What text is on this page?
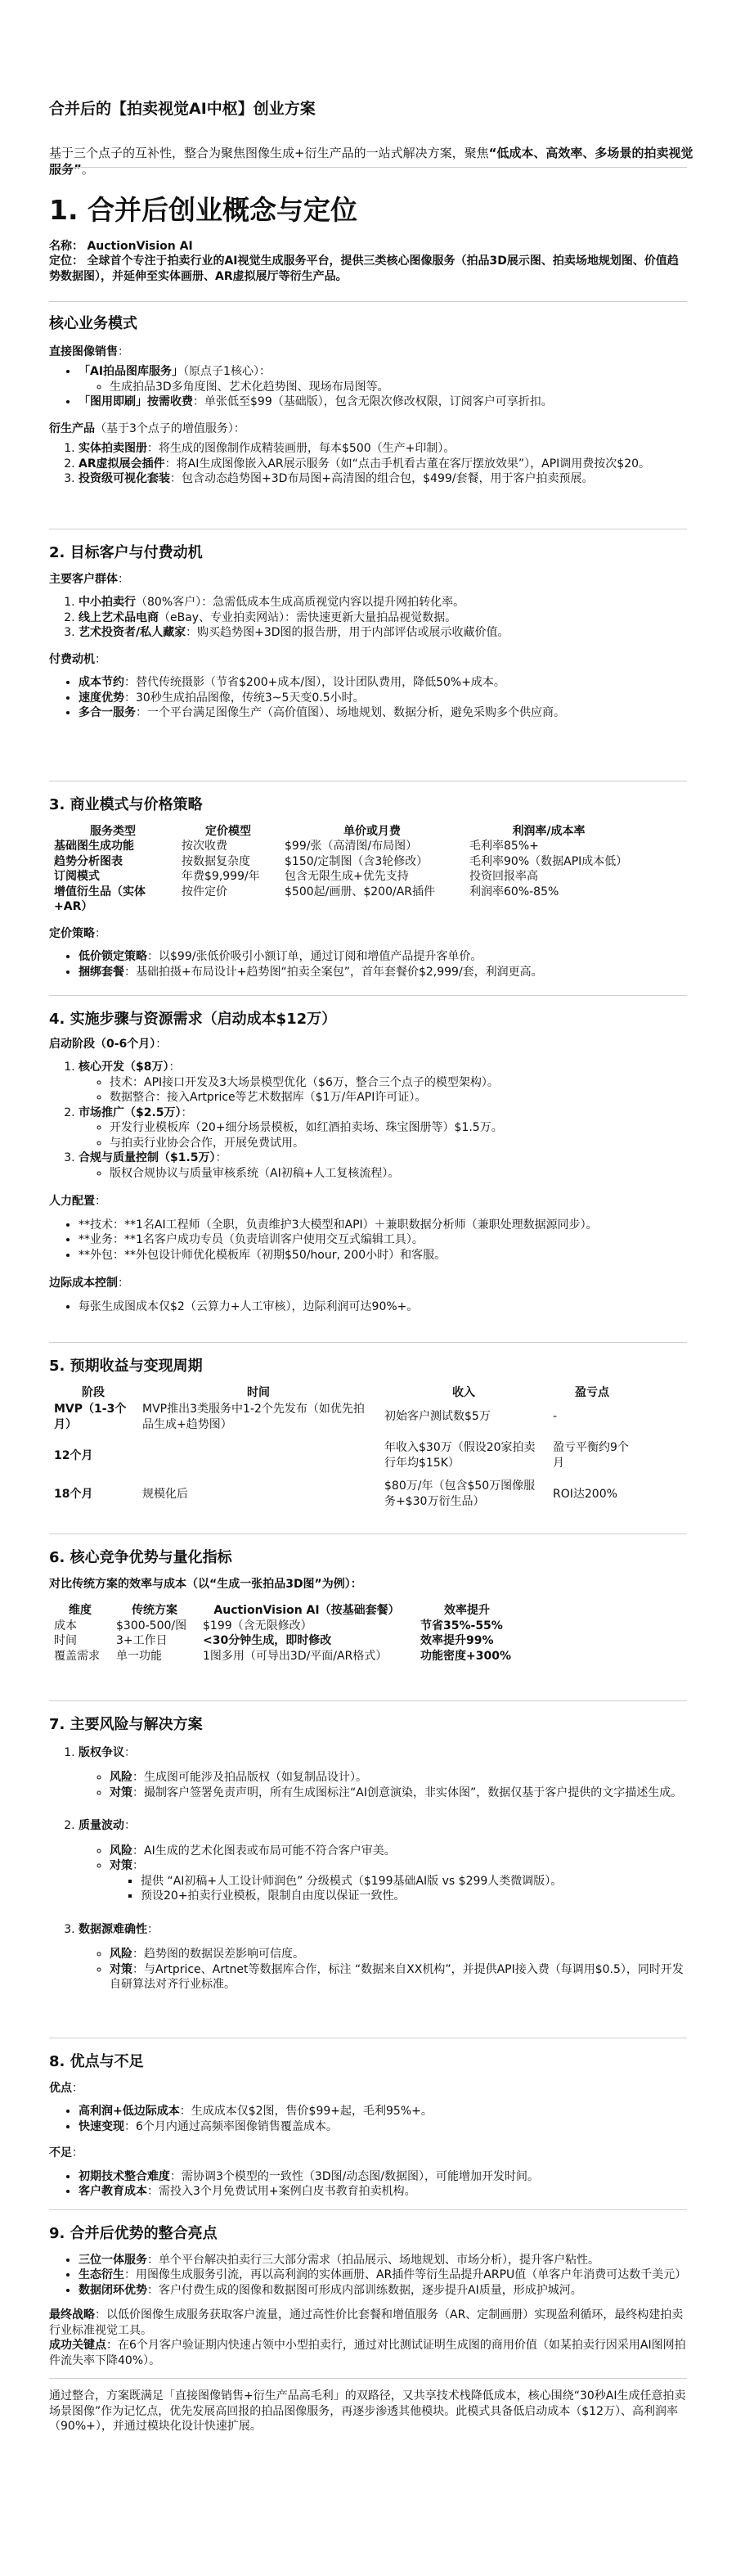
合并后的【拍卖视觉AI中枢】创业方案

基于三个点子的互补性，整合为聚焦图像生成+衍生产品的一站式解决方案，聚焦“低成本、高效率、多场景的拍卖视觉服务”。

1. 合并后创业概念与定位
名称： AuctionVision AI
定位： 全球首个专注于拍卖行业的AI视觉生成服务平台，提供三类核心图像服务（拍品3D展示图、拍卖场地规划图、价值趋势数据图），并延伸至实体画册、AR虚拟展厅等衍生产品。
核心业务模式

直接图像销售：

• 「AI拍品图库服务」（原点子1核心）：
◦ 生成拍品3D多角度图、艺术化趋势图、现场布局图等。
• 「图用即刷」按需收费：单张低至$99（基础版），包含无限次修改权限，订阅客户可享折扣。

衍生产品（基于3个点子的增值服务）：

1. 实体拍卖图册：将生成的图像制作成精装画册，每本$500（生产+印制）。
2. AR虚拟展会插件：将AI生成图像嵌入AR展示服务（如“点击手机看古董在客厅摆放效果”），API调用费按次$20。
3. 投资级可视化套装：包含动态趋势图+3D布局图+高清图的组合包，$499/套餐，用于客户拍卖预展。
2. 目标客户与付费动机

主要客户群体：

1. 中小拍卖行（80%客户）：急需低成本生成高质视觉内容以提升网拍转化率。
2. 线上艺术品电商（eBay、专业拍卖网站）：需快速更新大量拍品视觉数据。
3. 艺术投资者/私人藏家：购买趋势图+3D图的报告册，用于内部评估或展示收藏价值。

付费动机：

• 成本节约：替代传统摄影（节省$200+成本/图），设计团队费用，降低50%+成本。
• 速度优势：30秒生成拍品图像，传统3~5天变0.5小时。
• 多合一服务：一个平台满足图像生产（高价值图）、场地规划、数据分析，避免采购多个供应商。
3. 商业模式与价格策略
服务类型	定价模型	单价或月费	利润率/成本率
基础图生成功能	按次收费	$99/张（高清图/布局图）	毛利率85%+
趋势分析图表	按数据复杂度	$150/定制图（含3轮修改）	毛利率90%（数据API成本低）
订阅模式	年费$9,999/年	包含无限生成+优先支持	投资回报率高
增值衍生品（实体+AR）	按件定价	$500起/画册、$200/AR插件	利润率60%-85%

定价策略：

• 低价锁定策略：以$99/张低价吸引小额订单，通过订阅和增值产品提升客单价。
• 捆绑套餐：基础拍摄+布局设计+趋势图“拍卖全案包”，首年套餐价$2,999/套，利润更高。
4. 实施步骤与资源需求（启动成本$12万）

启动阶段（0-6个月）：

1. 核心开发（$8万）：
◦ 技术：API接口开发及3大场景模型优化（$6万，整合三个点子的模型架构）。
◦ 数据整合：接入Artprice等艺术数据库（$1万/年API许可证）。
2. 市场推广（$2.5万）：
◦ 开发行业模板库（20+细分场景模板，如红酒拍卖场、珠宝图册等）$1.5万。
◦ 与拍卖行业协会合作，开展免费试用。
3. 合规与质量控制（$1.5万）：
◦ 版权合规协议与质量审核系统（AI初稿+人工复核流程）。

人力配置：

• **技术：**1名AI工程师（全职，负责维护3大模型和API）＋兼职数据分析师（兼职处理数据源同步）。
• **业务：**1名客户成功专员（负责培训客户使用交互式编辑工具）。
• **外包：**外包设计师优化模板库（初期$50/hour, 200小时）和客服。

边际成本控制：

• 每张生成图成本仅$2（云算力+人工审核），边际利润可达90%+。
5. 预期收益与变现周期
阶段	时间	收入	盈亏点
MVP（1-3个月）	MVP推出3类服务中1-2个先发布（如优先拍品生成+趋势图）	初始客户测试数$5万	-
12个月		年收入$30万（假设20家拍卖行年均$15K）	盈亏平衡约9个月
18个月	规模化后	$80万/年（包含$50万图像服务+$30万衍生品）	ROI达200%
6. 核心竞争优势与量化指标

对比传统方案的效率与成本（以“生成一张拍品3D图”为例）：

维度	传统方案	AuctionVision AI（按基础套餐）	效率提升
成本	$300-500/图	$199（含无限修改）	节省35%-55%
时间	3+工作日	<30分钟生成，即时修改	效率提升99%
覆盖需求	单一功能	1图多用（可导出3D/平面/AR格式）	功能密度+300%
7. 主要风险与解决方案
1. 版权争议：
◦ 风险：生成图可能涉及拍品版权（如复制品设计）。
◦ 对策：撮制客户签署免责声明，所有生成图标注“AI创意演染，非实体图”，数据仅基于客户提供的文字描述生成。
2. 质量波动：
◦ 风险：AI生成的艺术化图表或布局可能不符合客户审美。
◦ 对策：
▪ 提供 “AI初稿+人工设计师润色” 分级模式（$199基础AI版 vs $299人类微调版）。
▪ 预设20+拍卖行业模板，限制自由度以保证一致性。
3. 数据源难确性：
◦ 风险：趋势图的数据误差影响可信度。
◦ 对策：与Artprice、Artnet等数据库合作，标注 “数据来自XX机构”，并提供API接入费（每调用$0.5），同时开发自研算法对齐行业标准。
8. 优点与不足

优点：

• 高利润+低边际成本：生成成本仅$2图，售价$99+起，毛利95%+。
• 快速变现：6个月内通过高频率图像销售覆盖成本。

不足：

• 初期技术整合难度：需协调3个模型的一致性（3D图/动态图/数据图），可能增加开发时间。
• 客户教育成本：需投入3个月免费试用+案例白皮书教育拍卖机构。
9. 合并后优势的整合亮点
• 三位一体服务：单个平台解决拍卖行三大部分需求（拍品展示、场地规划、市场分析），提升客户粘性。
• 生态衍生：用图像生成服务引流，再以高利润的实体画册、AR插件等衍生品提升ARPU值（单客户年消费可达数千美元）
• 数据闭环优势：客户付费生成的图像和数据图可形成内部训练数据，逐步提升AI质量，形成护城河。

最终战略：以低价图像生成服务获取客户流量，通过高性价比套餐和增值服务（AR、定制画册）实现盈利循环，最终构建拍卖行业标准视觉工具。

成功关键点：在6个月客户验证期内快速占领中小型拍卖行，通过对比测试证明生成图的商用价值（如某拍卖行因采用AI图网拍件流失率下降40%）。

通过整合，方案既满足「直接图像销售+衍生产品高毛利」的双路径，又共享技术栈降低成本，核心围绕“30秒AI生成任意拍卖场景图像”作为记忆点，优先发展高回报的拍品图像服务，再逐步渗透其他模块。此模式具备低启动成本（$12万）、高利润率（90%+），并通过模块化设计快速扩展。
